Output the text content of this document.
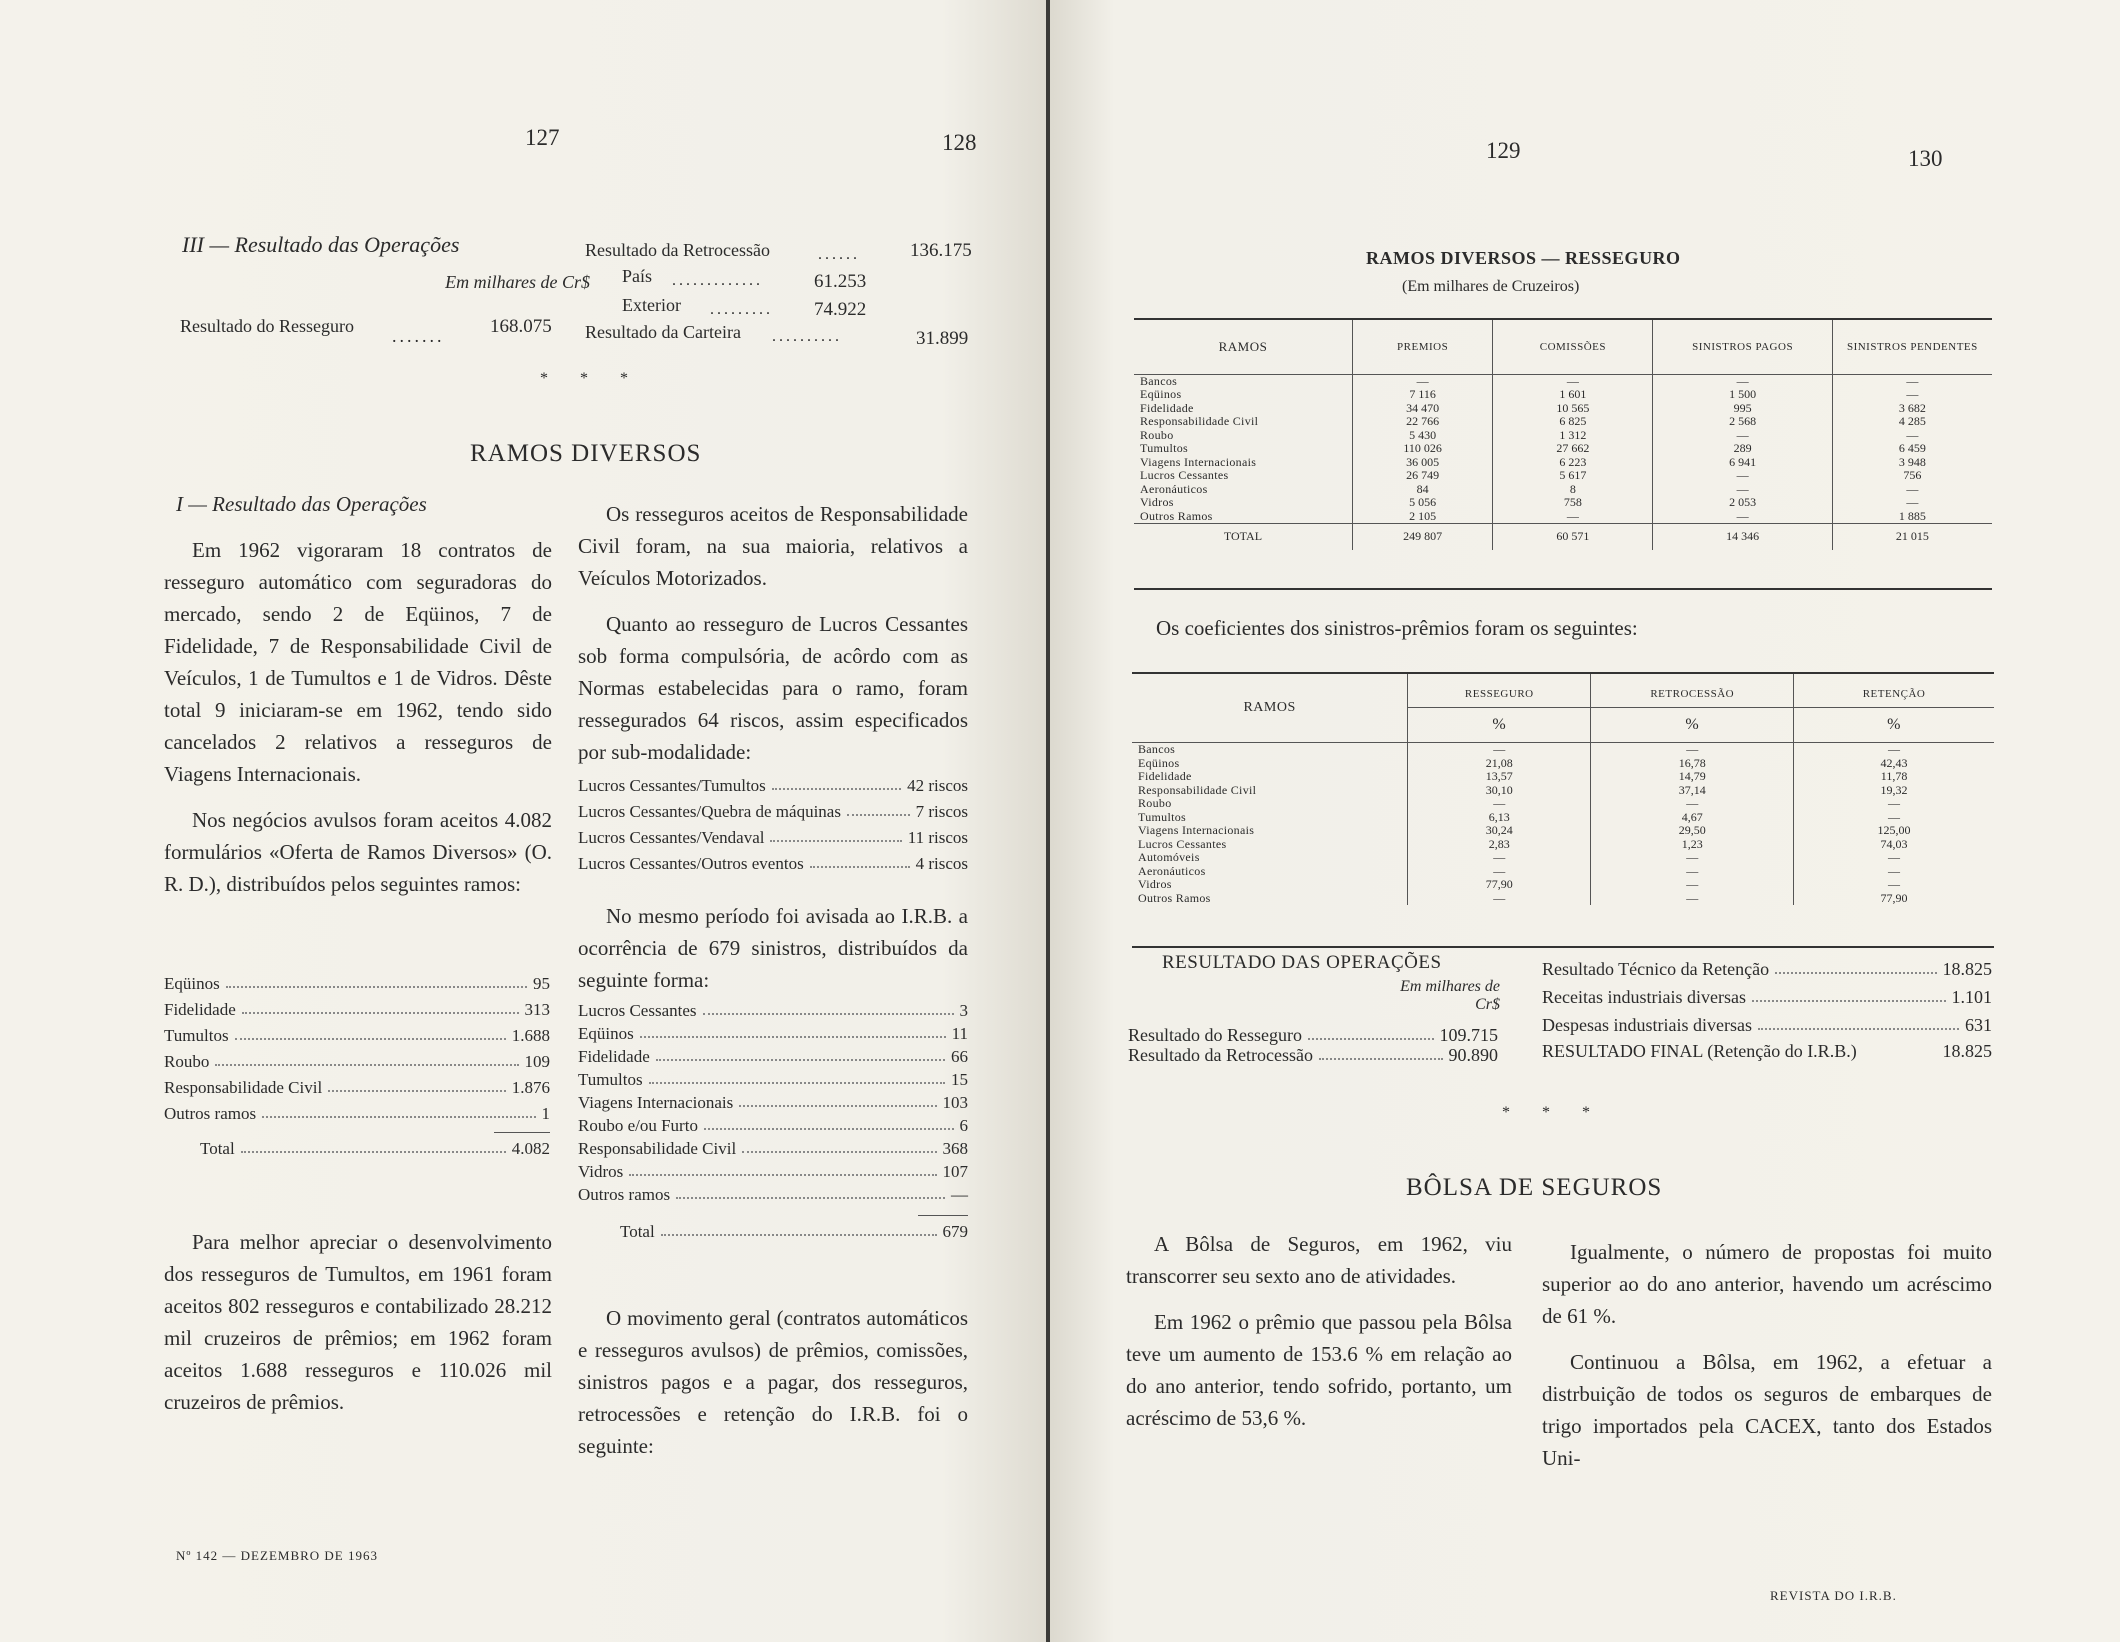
127	128
III — Resultado das Operações
Em milhares de Cr$
Resultado do Resseguro ....... 168.075
Resultado da Retrocessão	......	136.175
País .............	61.253
Exterior ......... 74.922
Resultado da Carteira ..........	31.899
* * *
RAMOS DIVERSOS
I — Resultado das Operações

Em 1962 vigoraram 18 contratos de resseguro automático com seguradoras do mercado, sendo 2 de Eqüinos, 7 de Fidelidade, 7 de Responsabilidade Civil de Veículos, 1 de Tumultos e 1 de Vidros. Dêste total 9 iniciaram-se em 1962, tendo sido cancelados 2 relativos a resseguros de Viagens Internacionais.

Nos negócios avulsos foram aceitos 4.082 formulários «Oferta de Ramos Diversos» (O. R. D.), distribuídos pelos seguintes ramos:

Eqüinos	95
Fidelidade	313
Tumultos	1.688
Roubo	109
Responsabilidade Civil	1.876
Outros ramos	1
Total	4.082

Para melhor apreciar o desenvolvimento dos resseguros de Tumultos, em 1961 foram aceitos 802 resseguros e contabilizado 28.212 mil cruzeiros de prêmios; em 1962 foram aceitos 1.688 resseguros e 110.026 mil cruzeiros de prêmios.

Os resseguros aceitos de Responsabilidade Civil foram, na sua maioria, relativos a Veículos Motorizados.

Quanto ao resseguro de Lucros Cessantes sob forma compulsória, de acôrdo com as Normas estabelecidas para o ramo, foram ressegurados 64 riscos, assim especificados por sub-modalidade:

Lucros Cessantes/Tumultos	42 riscos
Lucros Cessantes/Quebra de máquinas	7 riscos
Lucros Cessantes/Vendaval	11 riscos
Lucros Cessantes/Outros eventos	4 riscos

No mesmo período foi avisada ao I.R.B. a ocorrência de 679 sinistros, distribuídos da seguinte forma:

Lucros Cessantes	3
Eqüinos	11
Fidelidade	66
Tumultos	15
Viagens Internacionais	103
Roubo e/ou Furto	6
Responsabilidade Civil	368
Vidros	107
Outros ramos	—
Total	679

O movimento geral (contratos automáticos e resseguros avulsos) de prêmios, comissões, sinistros pagos e a pagar, dos resseguros, retrocessões e retenção do I.R.B. foi o seguinte:

Nº 142 — DEZEMBRO DE 1963
129	130
RAMOS DIVERSOS — RESSEGURO
(Em milhares de Cruzeiros)
RAMOS	PREMIOS	COMISSÕES	SINISTROS PAGOS	SINISTROS PENDENTES
Bancos	—	—	—	—
Eqüinos	7 116	1 601	1 500	—
Fidelidade	34 470	10 565	995	3 682
Responsabilidade Civil	22 766	6 825	2 568	4 285
Roubo	5 430	1 312	—	—
Tumultos	110 026	27 662	289	6 459
Viagens Internacionais	36 005	6 223	6 941	3 948
Lucros Cessantes	26 749	5 617	—	756
Aeronáuticos	84	8	—	—
Vidros	5 056	758	2 053	—
Outros Ramos	2 105	—	—	1 885
TOTAL	249 807	60 571	14 346	21 015
Os coeficientes dos sinistros-prêmios foram os seguintes:
RAMOS	RESSEGURO	RETROCESSÃO	RETENÇÃO
	%	%	%
Bancos	—	—	—
Eqüinos	21,08	16,78	42,43
Fidelidade	13,57	14,79	11,78
Responsabilidade Civil	30,10	37,14	19,32
Roubo	—	—	—
Tumultos	6,13	4,67	—
Viagens Internacionais	30,24	29,50	125,00
Lucros Cessantes	2,83	1,23	74,03
Automóveis	—	—	—
Aeronáuticos	—	—	—
Vidros	77,90	—	—
Outros Ramos	—	—	77,90
RESULTADO DAS OPERAÇÕES
Em milhares de Cr$
Resultado do Resseguro	109.715
Resultado da Retrocessão	90.890
Resultado Técnico da Retenção	18.825
Receitas industriais diversas	1.101
Despesas industriais diversas	631
RESULTADO FINAL (Retenção do I.R.B.)	18.825
* * *
BÔLSA DE SEGUROS

A Bôlsa de Seguros, em 1962, viu transcorrer seu sexto ano de atividades.

Em 1962 o prêmio que passou pela Bôlsa teve um aumento de 153.6 % em relação ao do ano anterior, tendo sofrido, portanto, um acréscimo de 53,6 %.

Igualmente, o número de propostas foi muito superior ao do ano anterior, havendo um acréscimo de 61 %.

Continuou a Bôlsa, em 1962, a efetuar a distrbuição de todos os seguros de embarques de trigo importados pela CACEX, tanto dos Estados Uni-

REVISTA DO I.R.B.
